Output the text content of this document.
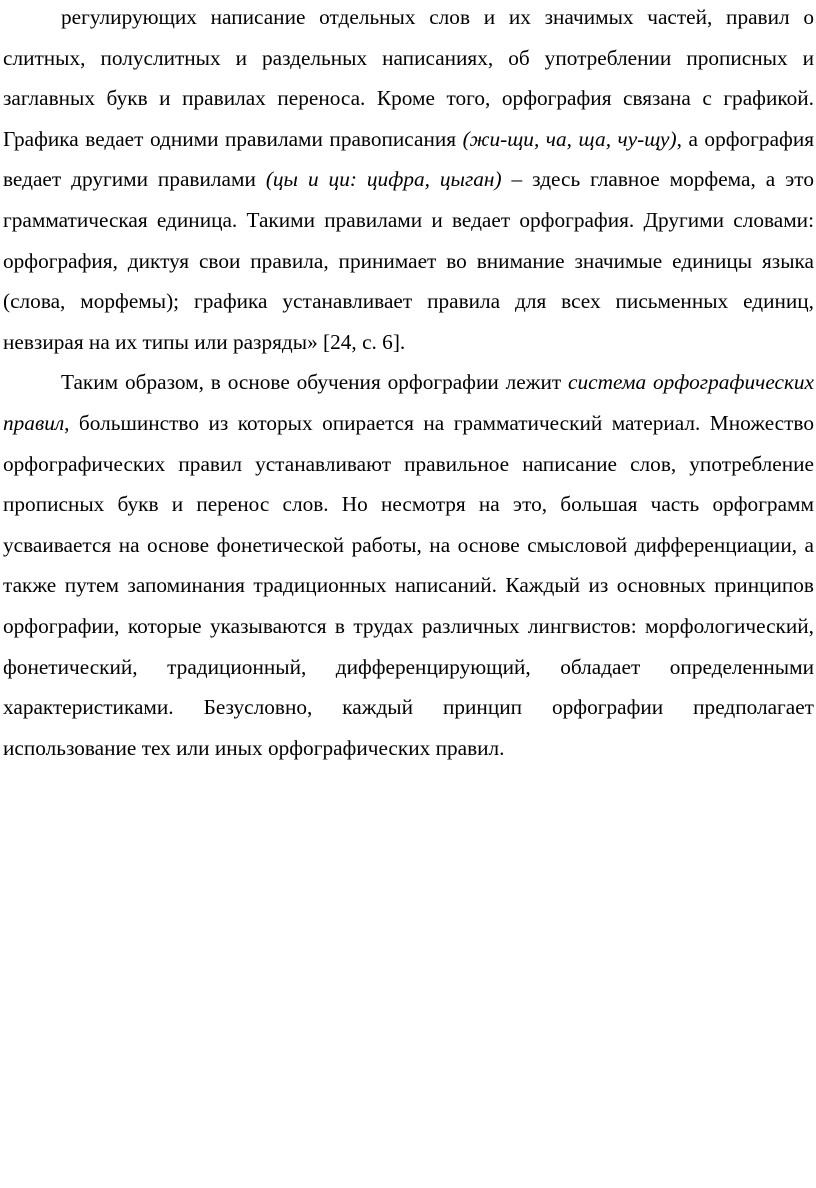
регулирующих написание отдельных слов и их значимых частей, правил о слитных, полуслитных и раздельных написаниях, об употреблении прописных и заглавных букв и правилах переноса. Кроме того, орфография связана с графикой. Графика ведает одними правилами правописания (жи-щи, ча, ща, чу-щу), а орфография ведает другими правилами (цы и ци: цифра, цыган) – здесь главное морфема, а это грамматическая единица. Такими правилами и ведает орфография. Другими словами: орфография, диктуя свои правила, принимает во внимание значимые единицы языка (слова, морфемы); графика устанавливает правила для всех письменных единиц, невзирая на их типы или разряды» [24, с. 6].

Таким образом, в основе обучения орфографии лежит система орфографических правил, большинство из которых опирается на грамматический материал. Множество орфографических правил устанавливают правильное написание слов, употребление прописных букв и перенос слов. Но несмотря на это, большая часть орфограмм усваивается на основе фонетической работы, на основе смысловой дифференциации, а также путем запоминания традиционных написаний. Каждый из основных принципов орфографии, которые указываются в трудах различных лингвистов: морфологический, фонетический, традиционный, дифференцирующий, обладает определенными характеристиками. Безусловно, каждый принцип орфографии предполагает использование тех или иных орфографических правил.
